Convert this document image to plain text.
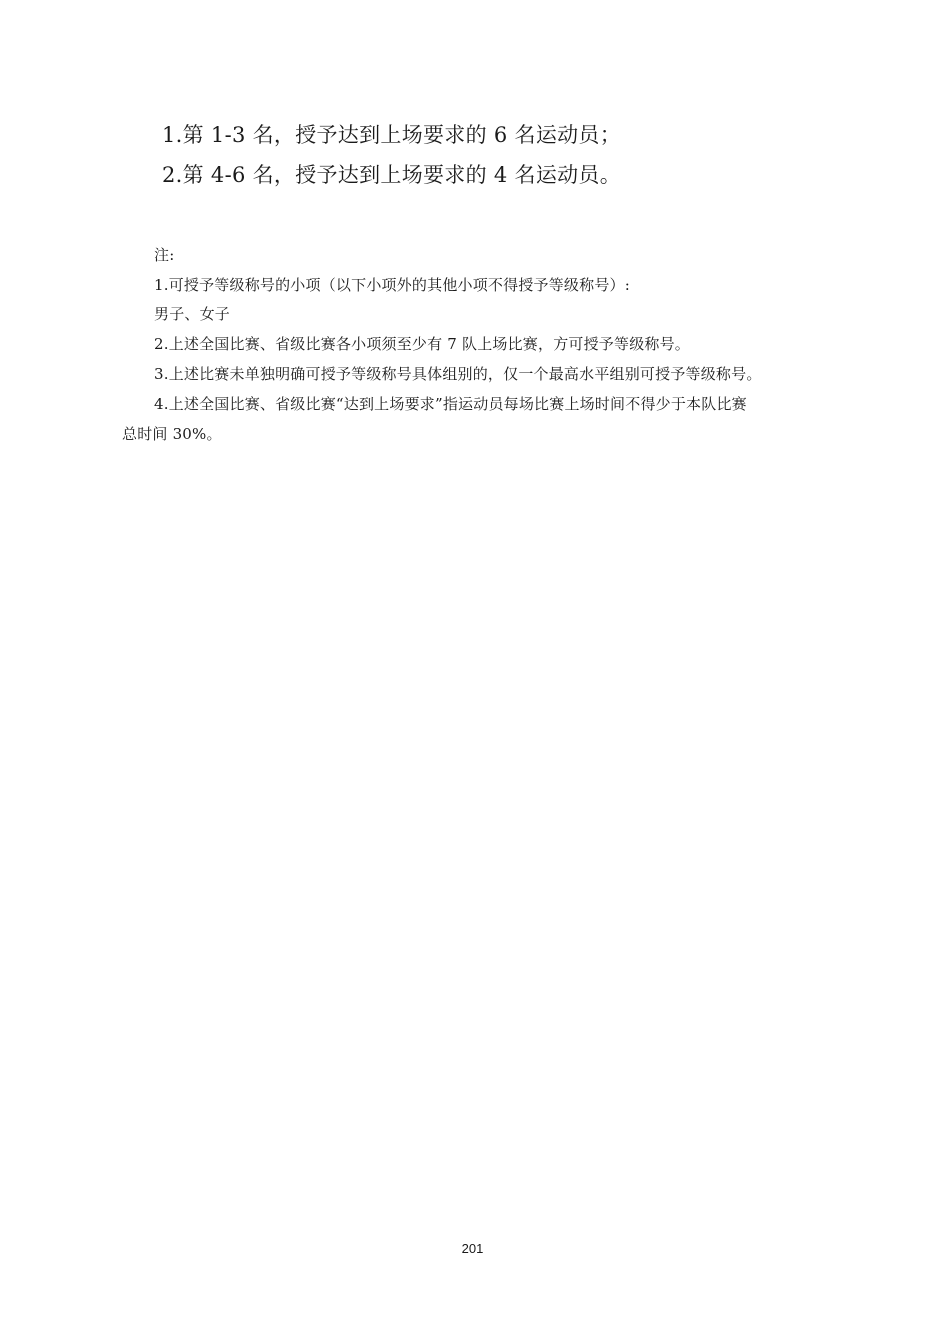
1.第 1-3 名，授予达到上场要求的 6 名运动员；
2.第 4-6 名，授予达到上场要求的 4 名运动员。
注:
1.可授予等级称号的小项（以下小项外的其他小项不得授予等级称号）:
男子、女子
2.上述全国比赛、省级比赛各小项须至少有 7 队上场比赛，方可授予等级称号。
3.上述比赛未单独明确可授予等级称号具体组别的，仅一个最高水平组别可授予等级称号。
4.上述全国比赛、省级比赛“达到上场要求”指运动员每场比赛上场时间不得少于本队比赛
总时间 30%。
201
